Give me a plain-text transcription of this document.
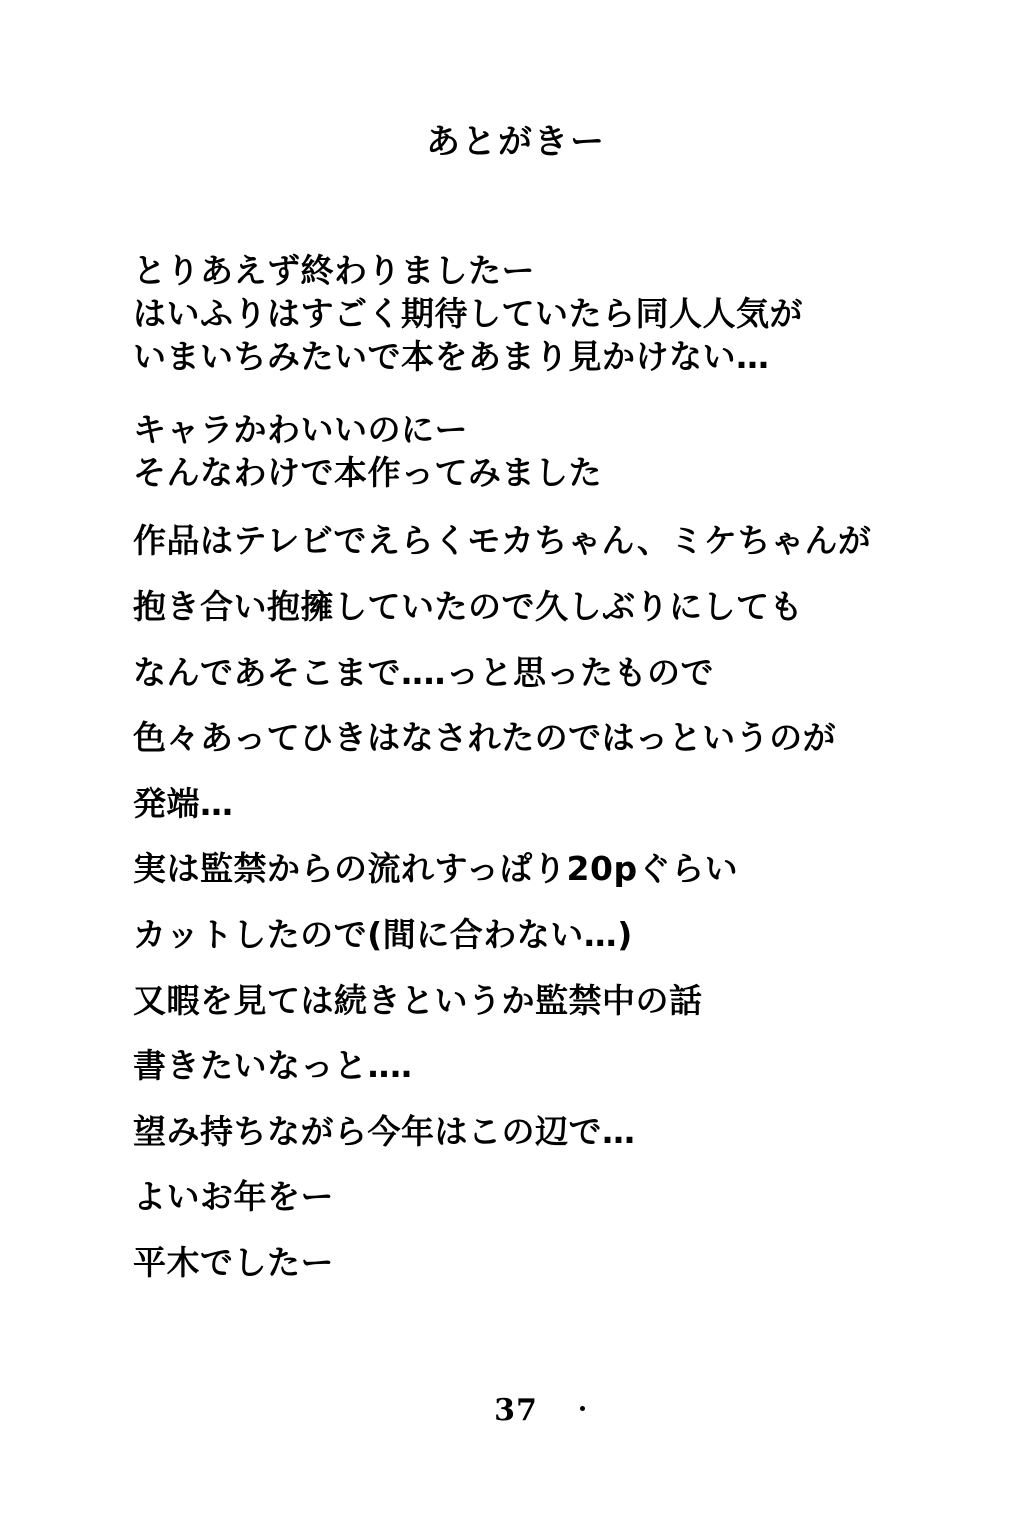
あとがきー

とりあえず終わりましたー

はいふりはすごく期待していたら同人人気が

いまいちみたいで本をあまり見かけない…

キャラかわいいのにー

そんなわけで本作ってみました

作品はテレビでえらくモカちゃん、ミケちゃんが

抱き合い抱擁していたので久しぶりにしても

なんであそこまで‥‥っと思ったもので

色々あってひきはなされたのではっというのが

発端…

実は監禁からの流れすっぱり20pぐらい

カットしたので(間に合わない…)

又暇を見ては続きというか監禁中の話

書きたいなっと‥‥

望み持ちながら今年はこの辺で…

よいお年をー

平木でしたー

37
